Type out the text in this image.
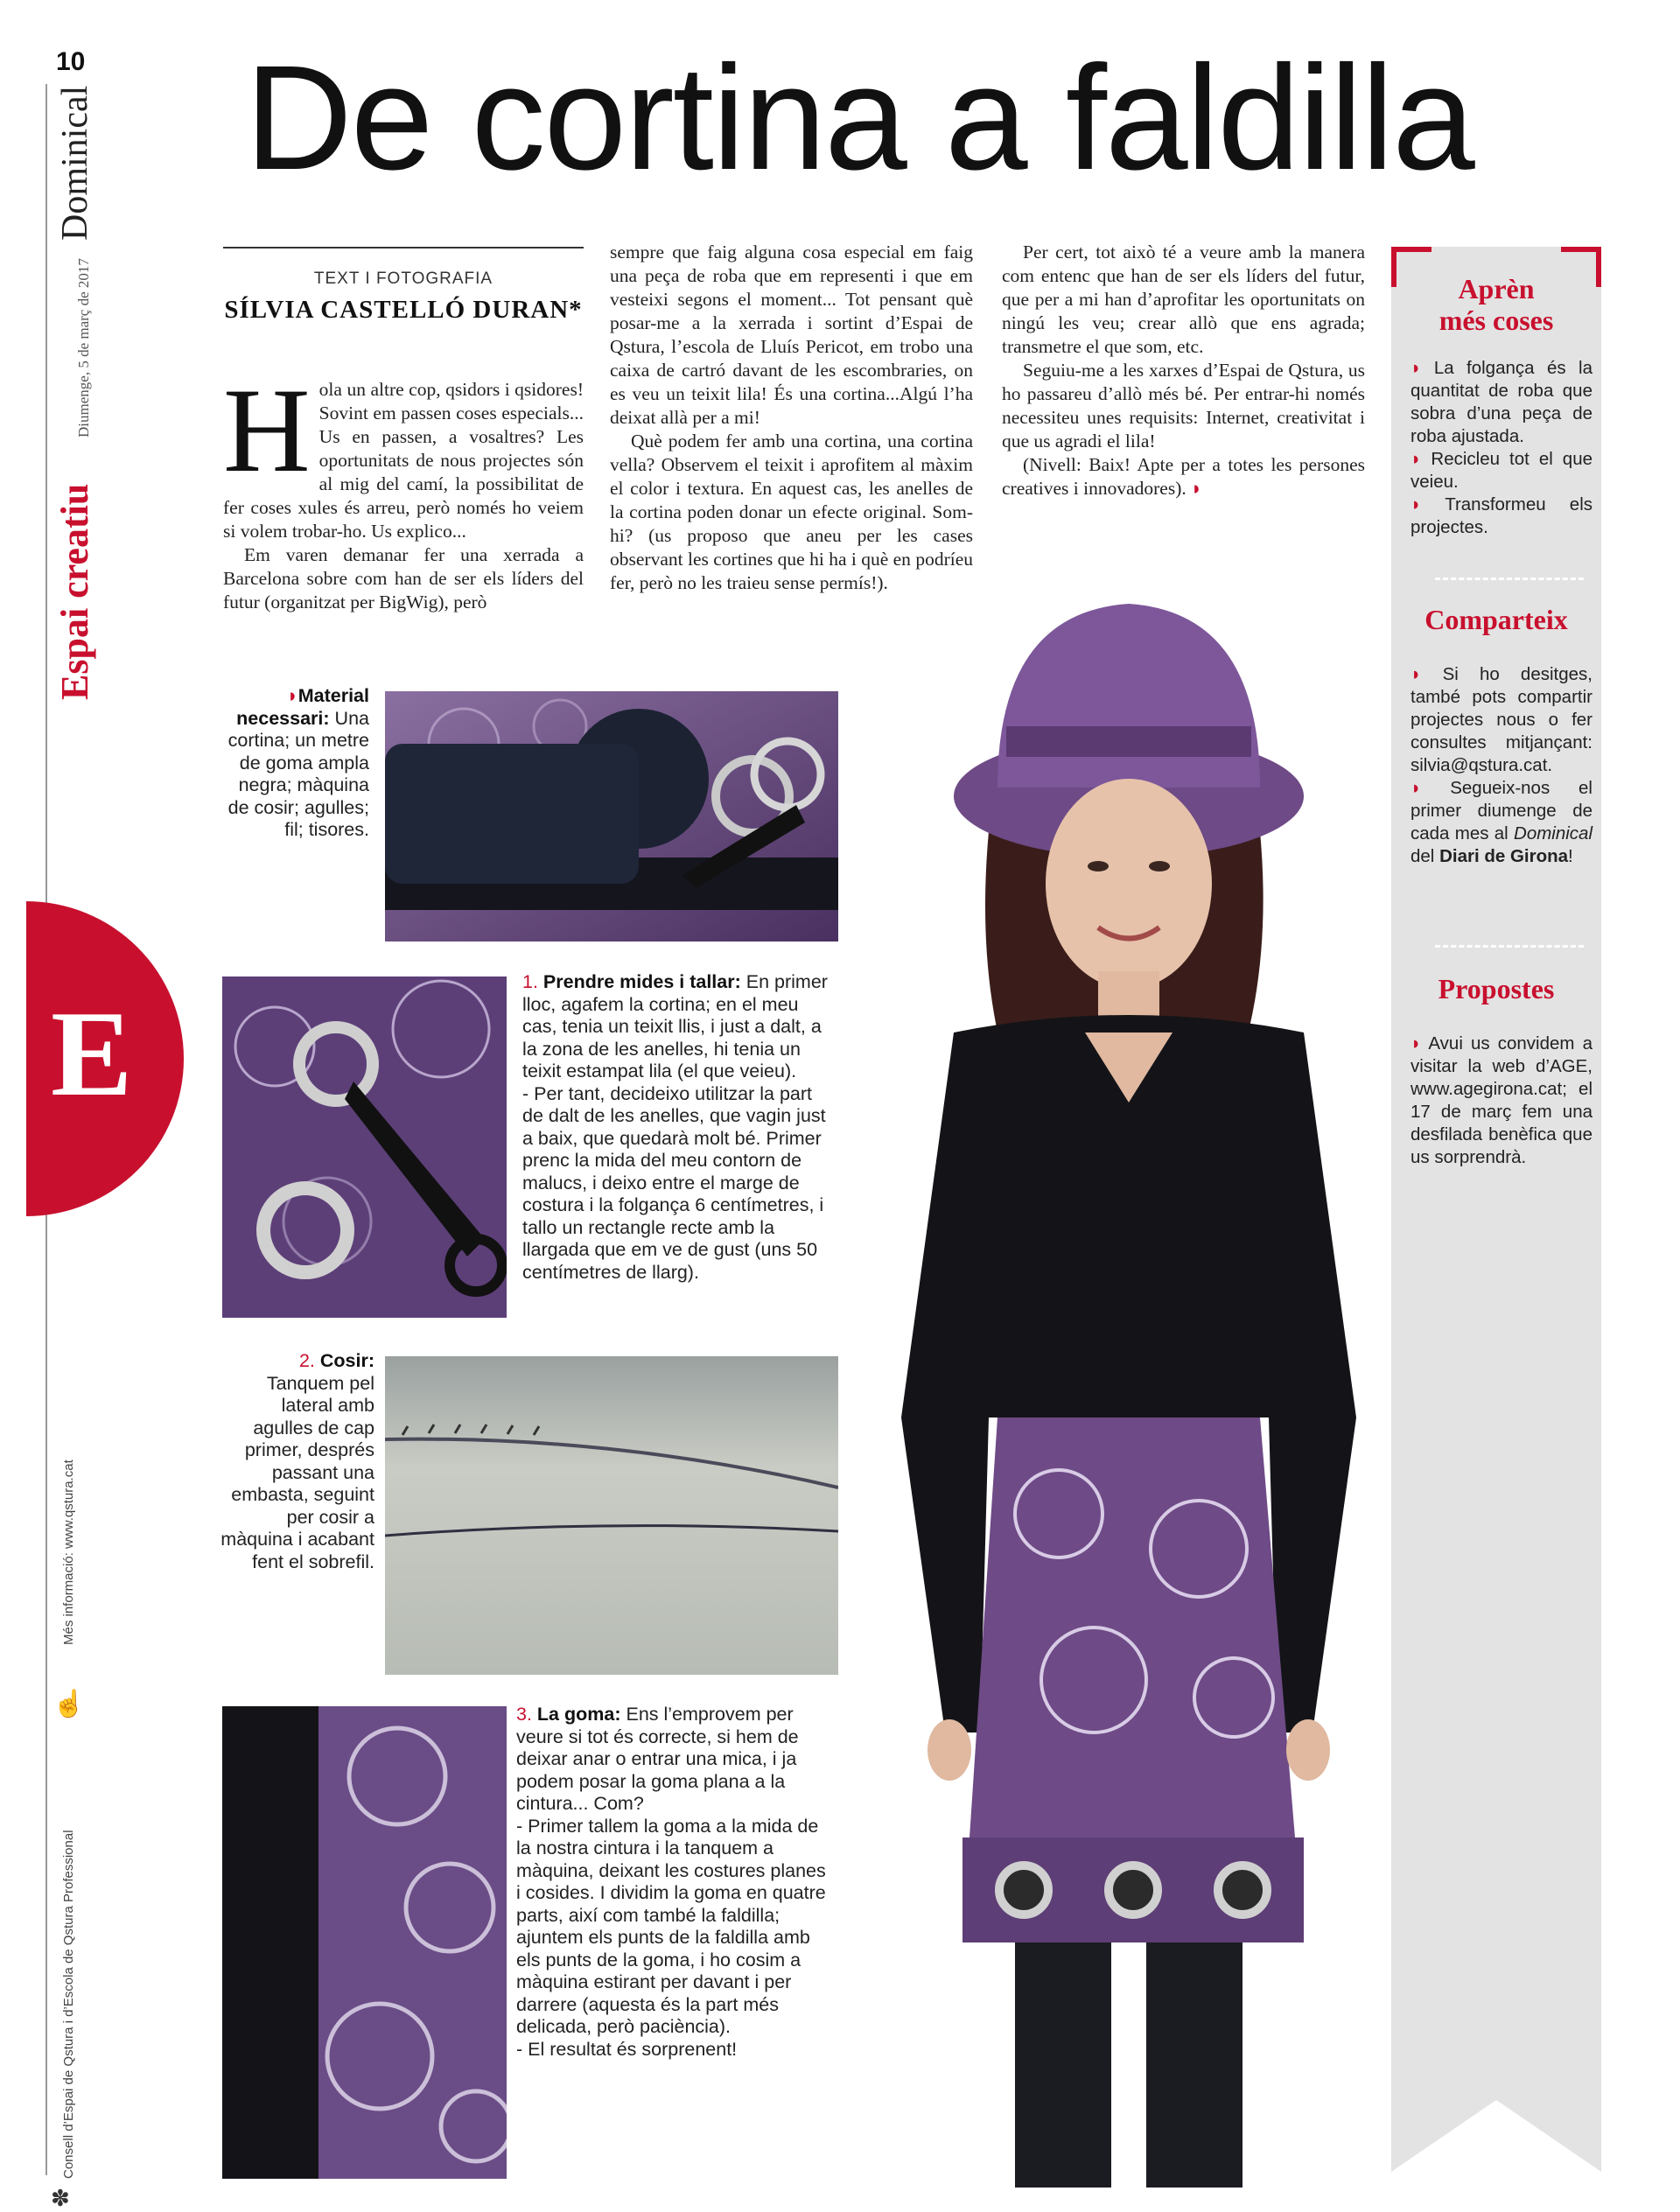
10
Dominical
Diumenge, 5 de març de 2017
Espai creatiu
E
Més informació: www.qstura.cat
☝
Consell d’Espai de Qstura i d’Escola de Qstura Professional
✽
De cortina a faldilla
TEXT I FOTOGRAFIA
SÍLVIA CASTELLÓ DURAN*
H ola un altre cop, qsidors i qsidores! Sovint em passen coses especials... Us en passen, a vosaltres? Les oportunitats de nous projectes són al mig del camí, la possibilitat de fer coses xules és arreu, però només ho veiem si volem trobar-ho. Us explico...

Em varen demanar fer una xerrada a Barcelona sobre com han de ser els líders del futur (organitzat per BigWig), però

sempre que faig alguna cosa especial em faig una peça de roba que em representi i que em vesteixi segons el moment... Tot pensant què posar-me a la xerrada i sortint d’Espai de Qstura, l’escola de Lluís Pericot, em trobo una caixa de cartró davant de les escombraries, on es veu un teixit lila! És una cortina...Algú l’ha deixat allà per a mi!

Què podem fer amb una cortina, una cortina vella? Observem el teixit i aprofitem al màxim el color i textura. En aquest cas, les anelles de la cortina poden donar un efecte original. Som-hi? (us proposo que aneu per les cases observant les cortines que hi ha i què en podríeu fer, però no les traieu sense permís!).

Per cert, tot això té a veure amb la manera com entenc que han de ser els líders del futur, que per a mi han d’aprofitar les oportunitats on ningú les veu; crear allò que ens agrada; transmetre el que som, etc.

Seguiu-me a les xarxes d’Espai de Qstura, us ho passareu d’allò més bé. Per entrar-hi només necessiteu unes requisits: Internet, creativitat i que us agradi el lila!

(Nivell: Baix! Apte per a totes les persones creatives i innovadores). ◗

Aprèn
més coses
◗ La folgança és la quantitat de roba que sobra d’una peça de roba ajustada.
◗ Recicleu tot el que veieu.
◗ Transformeu els projectes.
Comparteix
◗ Si ho desitges, també pots compartir projectes nous o fer consultes mitjançant: silvia@qstura.cat.
◗ Segueix-nos el primer diumenge de cada mes al Dominical del Diari de Girona!
Propostes
◗ Avui us convidem a visitar la web d’AGE, www.agegirona.cat; el 17 de març fem una desfilada benèfica que us sorprendrà.
◗Material necessari: Una cortina; un metre de goma ampla negra; màquina de cosir; agulles; fil; tisores.
1. Prendre mides i tallar: En primer lloc, agafem la cortina; en el meu cas, tenia un teixit llis, i just a dalt, a la zona de les anelles, hi tenia un teixit estampat lila (el que veieu).
- Per tant, decideixo utilitzar la part de dalt de les anelles, que vagin just a baix, que quedarà molt bé. Primer prenc la mida del meu contorn de malucs, i deixo entre el marge de costura i la folgança 6 centímetres, i tallo un rectangle recte amb la llargada que em ve de gust (uns 50 centímetres de llarg).
2. Cosir: Tanquem pel lateral amb agulles de cap primer, després passant una embasta, seguint per cosir a màquina i acabant fent el sobrefil.
3. La goma: Ens l’emprovem per veure si tot és correcte, si hem de deixar anar o entrar una mica, i ja podem posar la goma plana a la cintura... Com?
- Primer tallem la goma a la mida de la nostra cintura i la tanquem a màquina, deixant les costures planes i cosides. I dividim la goma en quatre parts, així com també la faldilla; ajuntem els punts de la faldilla amb els punts de la goma, i ho cosim a màquina estirant per davant i per darrere (aquesta és la part més delicada, però paciència).
- El resultat és sorprenent!
